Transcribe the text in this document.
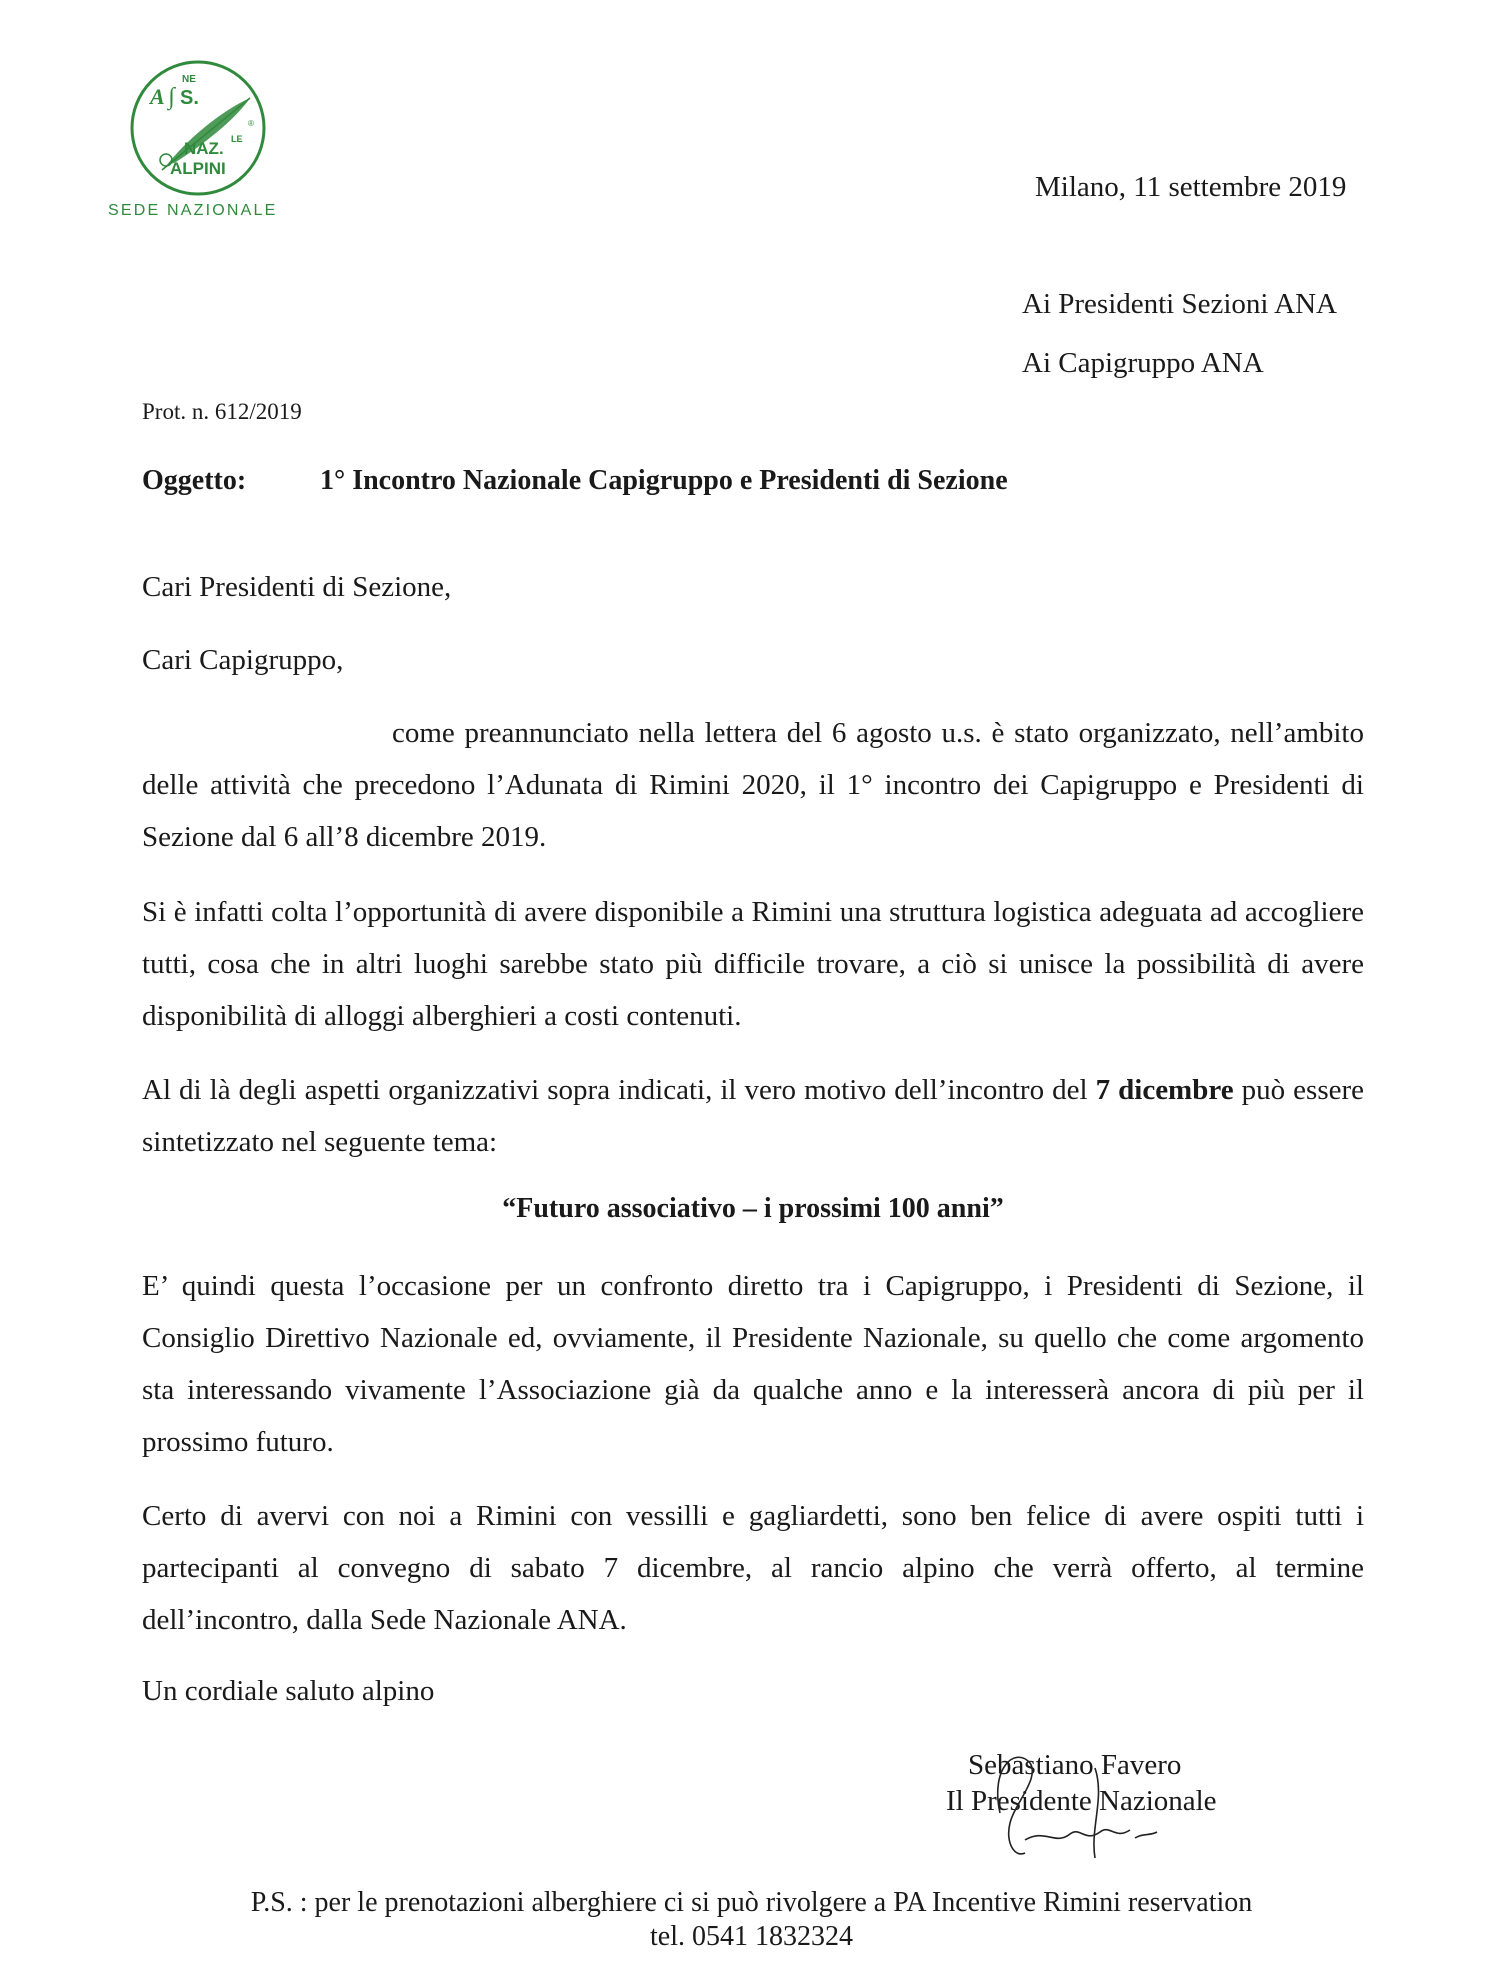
A ∫ S.
NE
NAZ. LE
ALPINI
®
SEDE NAZIONALE
Milano, 11 settembre 2019
Ai Presidenti Sezioni ANA
Ai Capigruppo ANA
Prot. n. 612/2019
Oggetto:	1° Incontro Nazionale Capigruppo e Presidenti di Sezione
Cari Presidenti di Sezione,
Cari Capigruppo,
come preannunciato nella lettera del 6 agosto u.s. è stato organizzato, nell’ambito delle attività che precedono l’Adunata di Rimini 2020, il 1° incontro dei Capigruppo e Presidenti di Sezione dal 6 all’8 dicembre 2019.
Si è infatti colta l’opportunità di avere disponibile a Rimini una struttura logistica adeguata ad accogliere tutti, cosa che in altri luoghi sarebbe stato più difficile trovare, a ciò si unisce la possibilità di avere disponibilità di alloggi alberghieri a costi contenuti.
Al di là degli aspetti organizzativi sopra indicati, il vero motivo dell’incontro del 7 dicembre può essere sintetizzato nel seguente tema:
“Futuro associativo – i prossimi 100 anni”
E’ quindi questa l’occasione per un confronto diretto tra i Capigruppo, i Presidenti di Sezione, il Consiglio Direttivo Nazionale ed, ovviamente, il Presidente Nazionale, su quello che come argomento sta interessando vivamente l’Associazione già da qualche anno e la interesserà ancora di più per il prossimo futuro.
Certo di avervi con noi a Rimini con vessilli e gagliardetti, sono ben felice di avere ospiti tutti i partecipanti al convegno di sabato 7 dicembre, al rancio alpino che verrà offerto, al termine dell’incontro, dalla Sede Nazionale ANA.
Un cordiale saluto alpino
Sebastiano Favero
Il Presidente Nazionale
P.S. : per le prenotazioni alberghiere ci si può rivolgere a PA Incentive Rimini reservation
tel. 0541 1832324
